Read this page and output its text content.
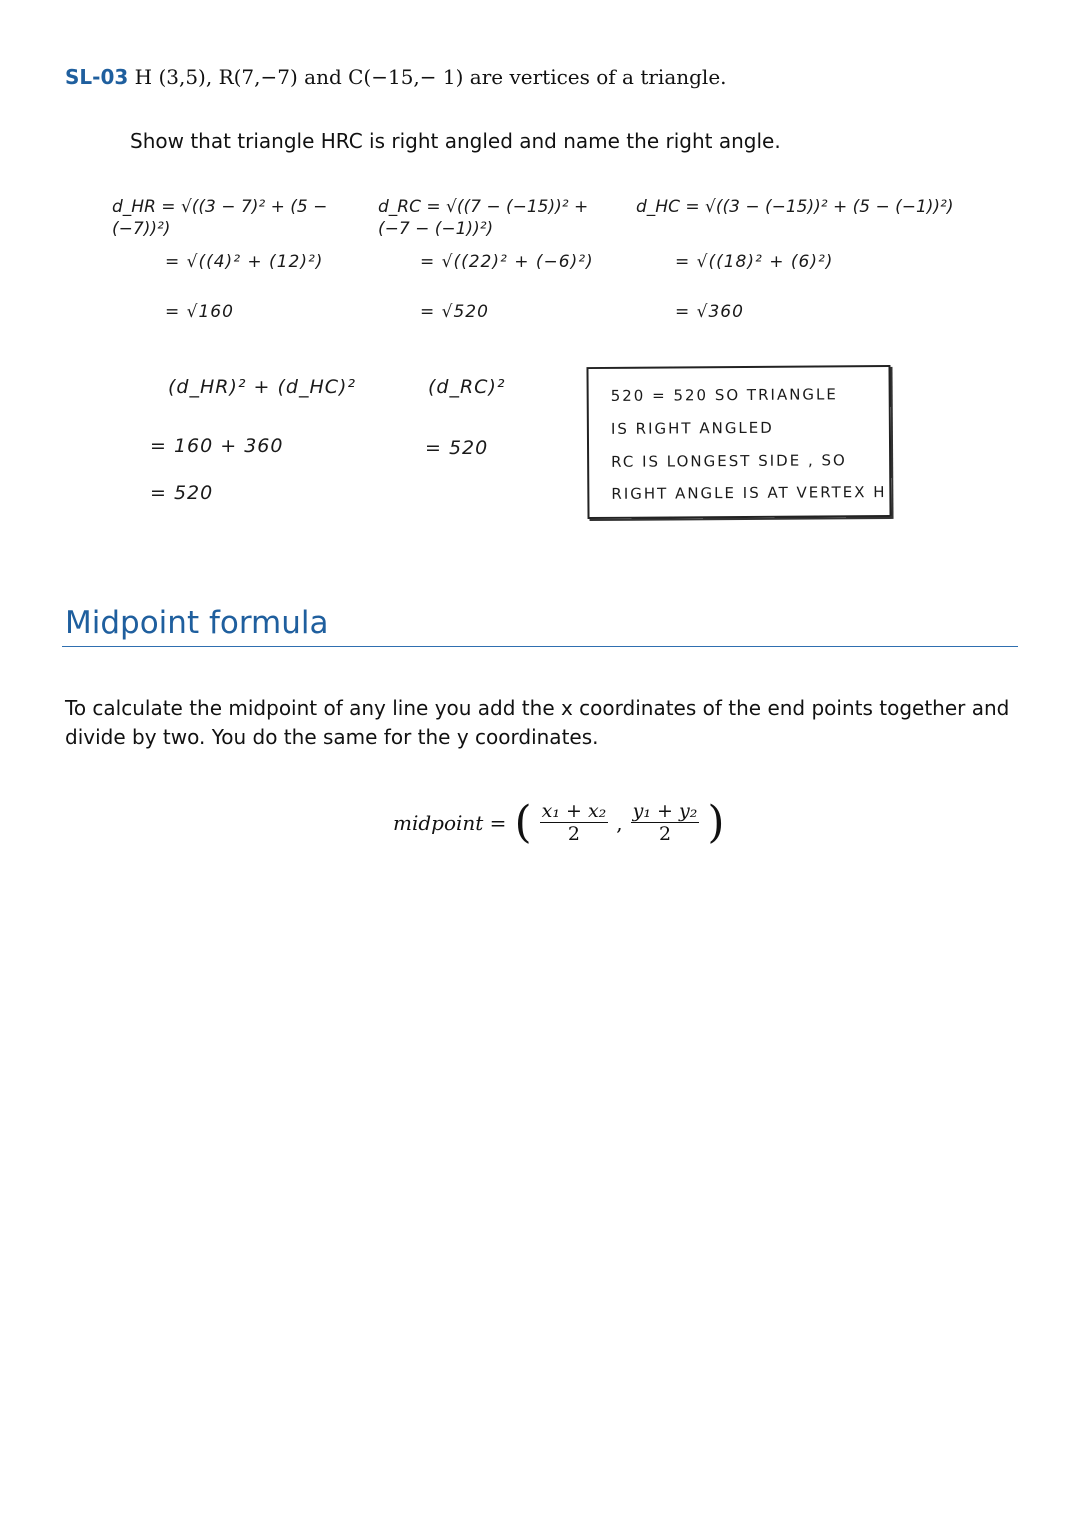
SL-03 H (3,5), R(7,−7) and C(−15,− 1) are vertices of a triangle.
Show that triangle HRC is right angled and name the right angle.
d_HR = √((3 − 7)² + (5 − (−7))²)
= √((4)² + (12)²)
= √160
d_RC = √((7 − (−15))² + (−7 − (−1))²)
= √((22)² + (−6)²)
= √520
d_HC = √((3 − (−15))² + (5 − (−1))²)
= √((18)² + (6)²)
= √360
(d_HR)² + (d_HC)²
= 160 + 360
= 520
(d_RC)²
= 520
520 = 520 SO TRIANGLE
IS RIGHT ANGLED
RC IS LONGEST SIDE , SO
RIGHT ANGLE IS AT VERTEX H
Midpoint formula
To calculate the midpoint of any line you add the x coordinates of the end points together and divide by two. You do the same for the y coordinates.
midpoint = ( $\frac{\text{x₁ + x₂}}{2}$ , $\frac{\text{y₁ + y₂}}{2}$ )
